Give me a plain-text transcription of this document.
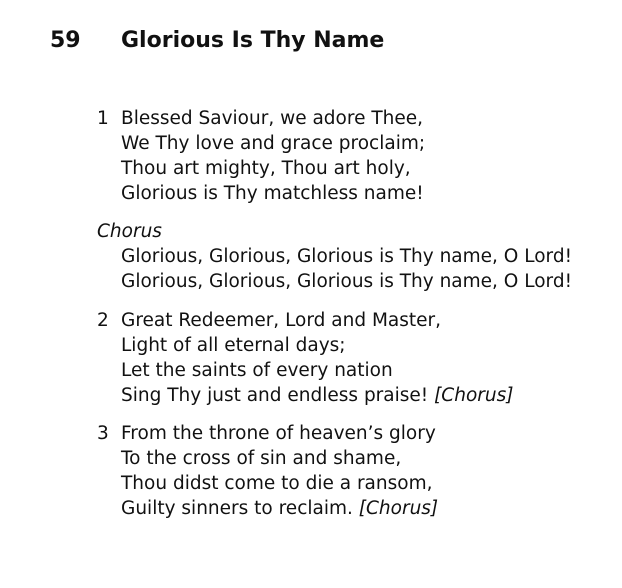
59 Glorious Is Thy Name
1 Blessed Saviour, we adore Thee,
We Thy love and grace proclaim;
Thou art mighty, Thou art holy,
Glorious is Thy matchless name!
Chorus
Glorious, Glorious, Glorious is Thy name, O Lord!
Glorious, Glorious, Glorious is Thy name, O Lord!
2 Great Redeemer, Lord and Master,
Light of all eternal days;
Let the saints of every nation
Sing Thy just and endless praise! [Chorus]
3 From the throne of heaven’s glory
To the cross of sin and shame,
Thou didst come to die a ransom,
Guilty sinners to reclaim. [Chorus]
